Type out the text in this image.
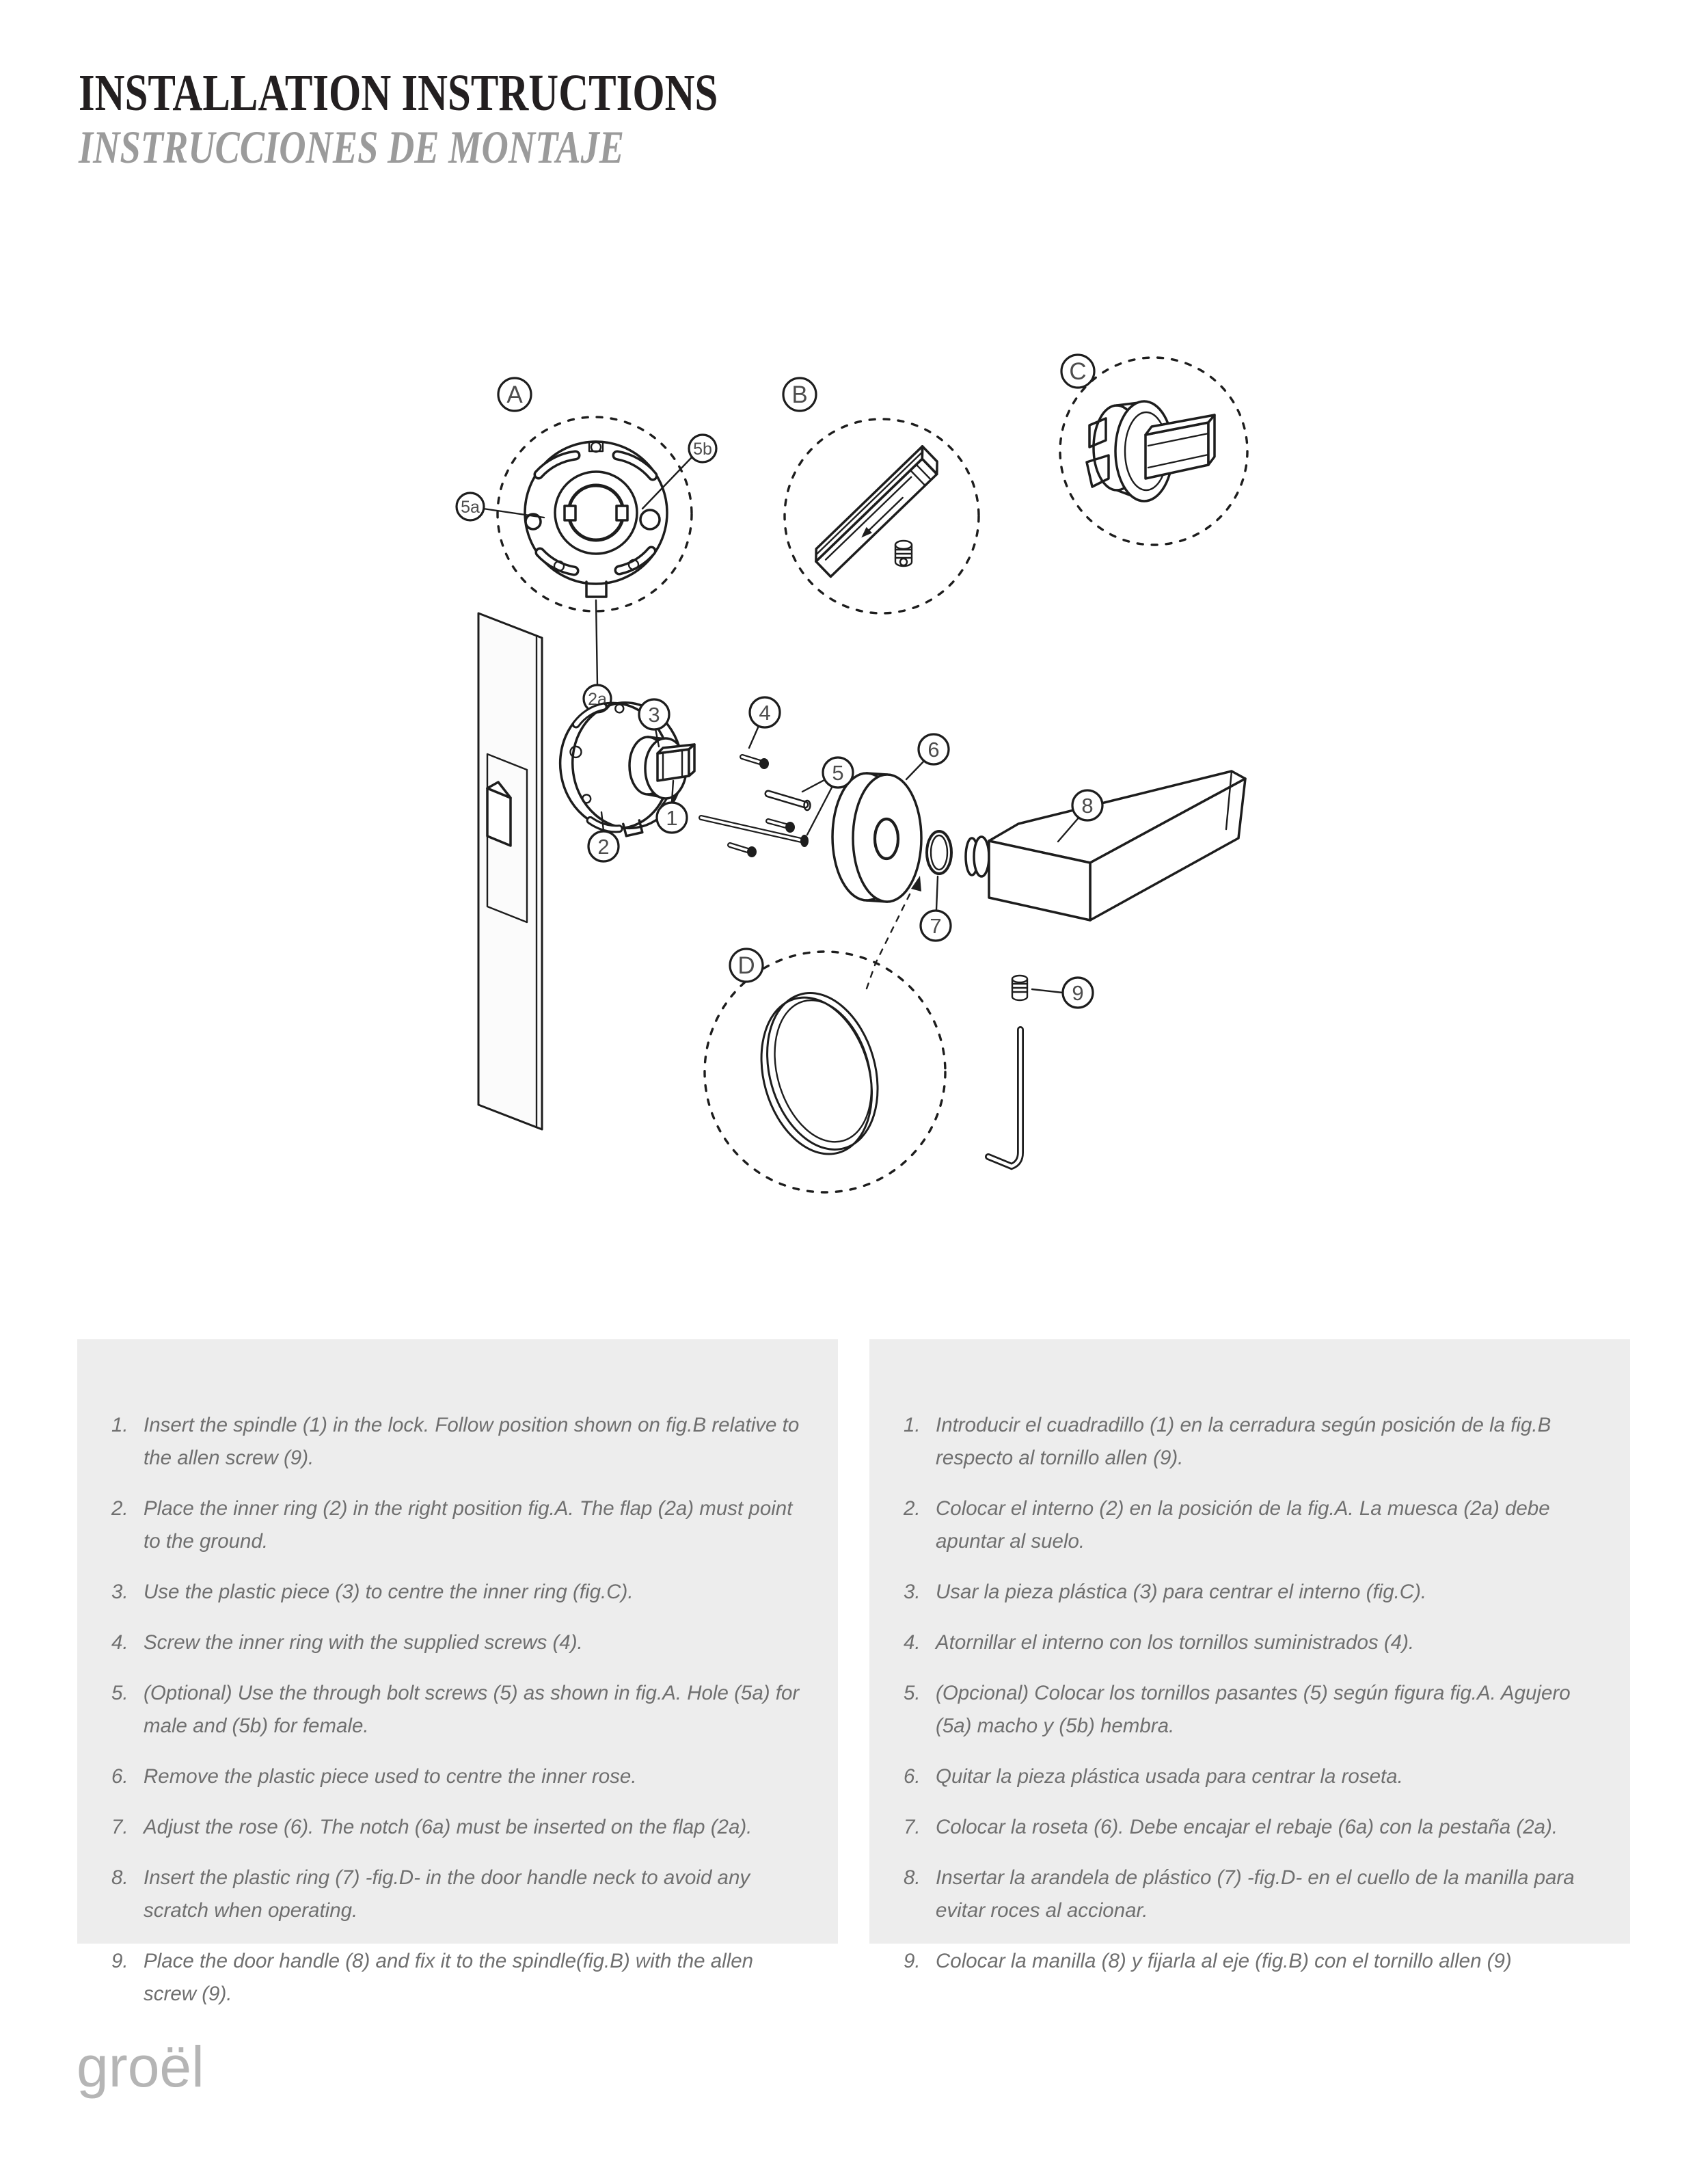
INSTALLATION INSTRUCTIONS
INSTRUCCIONES DE MONTAJE
A
5a
5b
2a
B
C
3	4
1
2
5
6
7
8
9
D
1. Insert the spindle (1) in the lock. Follow position shown on fig.B relative to the allen screw (9).
2. Place the inner ring (2) in the right position fig.A. The flap (2a) must point to the ground.
3. Use the plastic piece (3) to centre the inner ring (fig.C).
4. Screw the inner ring with the supplied screws (4).
5. (Optional) Use the through bolt screws (5) as shown in fig.A. Hole (5a) for male and (5b) for female.
6. Remove the plastic piece used to centre the inner rose.
7. Adjust the rose (6). The notch (6a) must be inserted on the flap (2a).
8. Insert the plastic ring (7) -fig.D- in the door handle neck to avoid any scratch when operating.
9. Place the door handle (8) and fix it to the spindle(fig.B) with the allen screw (9).
1. Introducir el cuadradillo (1) en la cerradura según posición de la fig.B respecto al tornillo allen (9).
2. Colocar el interno (2) en la posición de la fig.A. La muesca (2a) debe apuntar al suelo.
3. Usar la pieza plástica (3) para centrar el interno (fig.C).
4. Atornillar el interno con los tornillos suministrados (4).
5. (Opcional) Colocar los tornillos pasantes (5) según figura fig.A. Agujero (5a) macho y (5b) hembra.
6. Quitar la pieza plástica usada para centrar la roseta.
7. Colocar la roseta (6). Debe encajar el rebaje (6a) con la pestaña (2a).
8. Insertar la arandela de plástico (7) -fig.D- en el cuello de la manilla para evitar roces al accionar.
9. Colocar la manilla (8) y fijarla al eje (fig.B) con el tornillo allen (9)
groël
